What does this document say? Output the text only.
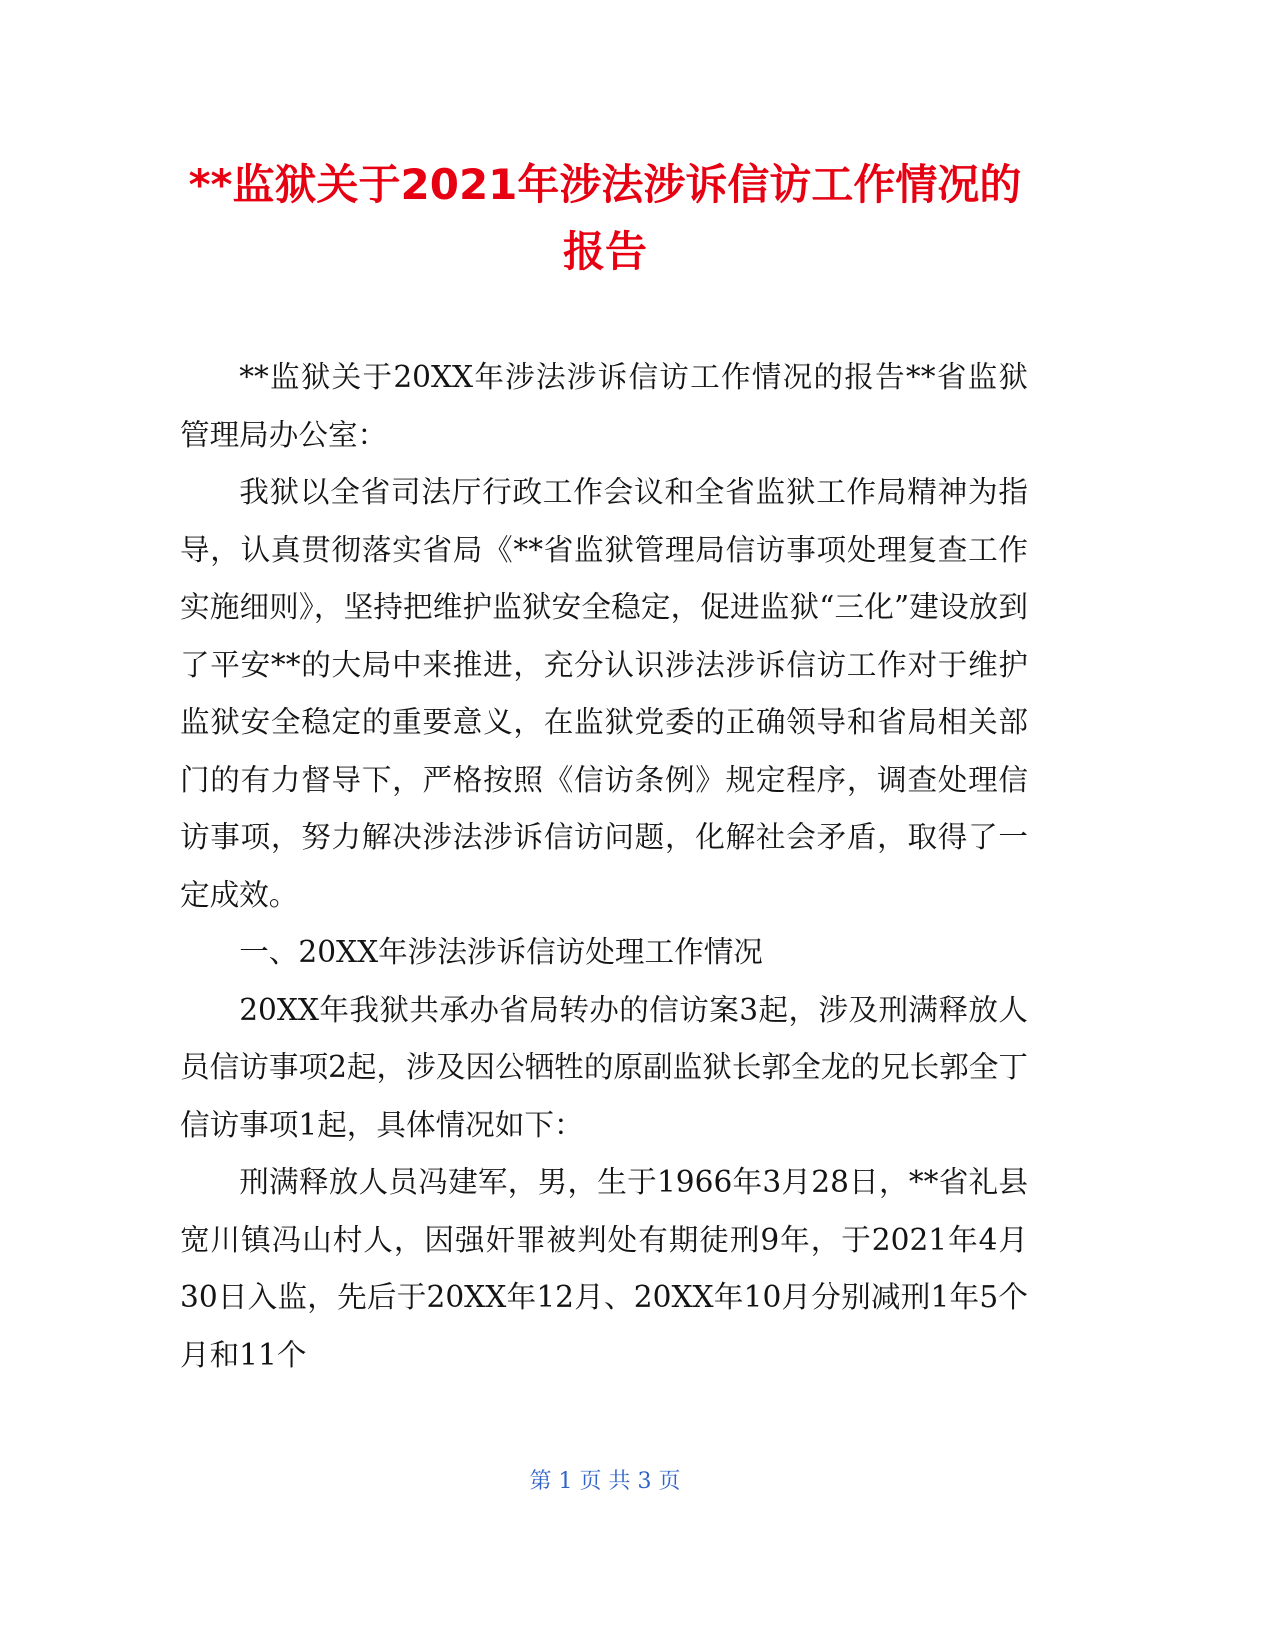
**监狱关于2021年涉法涉诉信访工作情况的报告

**监狱关于20XX年涉法涉诉信访工作情况的报告**省监狱管理局办公室：

我狱以全省司法厅行政工作会议和全省监狱工作局精神为指导，认真贯彻落实省局《**省监狱管理局信访事项处理复查工作实施细则》，坚持把维护监狱安全稳定，促进监狱“三化”建设放到了平安**的大局中来推进，充分认识涉法涉诉信访工作对于维护监狱安全稳定的重要意义，在监狱党委的正确领导和省局相关部门的有力督导下，严格按照《信访条例》规定程序，调查处理信访事项，努力解决涉法涉诉信访问题，化解社会矛盾，取得了一定成效。

一、20XX年涉法涉诉信访处理工作情况

20XX年我狱共承办省局转办的信访案3起，涉及刑满释放人员信访事项2起，涉及因公牺牲的原副监狱长郭全龙的兄长郭全丁信访事项1起，具体情况如下：

刑满释放人员冯建军，男，生于1966年3月28日，**省礼县宽川镇冯山村人，因强奸罪被判处有期徒刑9年，于2021年4月30日入监，先后于20XX年12月、20XX年10月分别减刑1年5个月和11个

第 1 页 共 3 页
